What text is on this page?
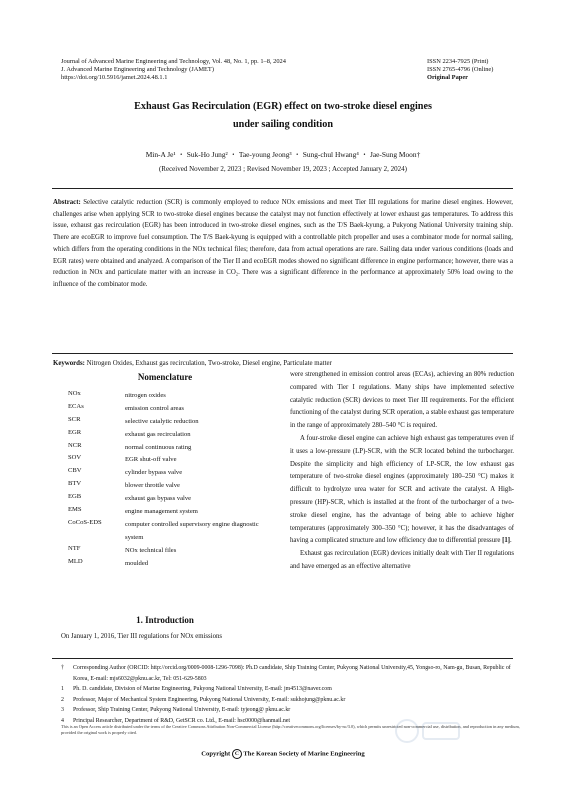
Journal of Advanced Marine Engineering and Technology, Vol. 48, No. 1, pp. 1–8, 2024
J. Advanced Marine Engineering and Technology (JAMET)
https://doi.org/10.5916/jamet.2024.48.1.1
ISSN 2234-7925 (Print)
ISSN 2765-4796 (Online)
Original Paper
Exhaust Gas Recirculation (EGR) effect on two-stroke diesel engines
under sailing condition
Min-A Je¹ ・ Suk-Ho Jung² ・ Tae-young Jeong³ ・ Sung-chul Hwang⁴ ・ Jae-Sung Moon†
(Received November 2, 2023 ; Revised November 19, 2023 ; Accepted January 2, 2024)
Abstract: Selective catalytic reduction (SCR) is commonly employed to reduce NOx emissions and meet Tier III regulations for marine diesel engines. However, challenges arise when applying SCR to two-stroke diesel engines because the catalyst may not function effectively at lower exhaust gas temperatures. To address this issue, exhaust gas recirculation (EGR) has been introduced in two-stroke diesel engines, such as the T/S Baek-kyung, a Pukyong National University training ship. There are ecoEGR to improve fuel consumption. The T/S Baek-kyung is equipped with a controllable pitch propeller and uses a combinator mode for normal sailing, which differs from the operating conditions in the NOx technical files; therefore, data from actual operations are rare. Sailing data under various conditions (loads and EGR rates) were obtained and analyzed. A comparison of the Tier II and ecoEGR modes showed no significant difference in engine performance; however, there was a reduction in NOx and particulate matter with an increase in CO₂. There was a significant difference in the performance at approximately 50% load owing to the influence of the combinator mode.
Keywords: Nitrogen Oxides, Exhaust gas recirculation, Two-stroke, Diesel engine, Particulate matter
Nomenclature
NOx	nitrogen oxides
ECAs	emission control areas
SCR	selective catalytic reduction
EGR	exhaust gas recirculation
NCR	normal continuous rating
SOV	EGR shut-off valve
CBV	cylinder bypass valve
BTV	blower throttle valve
EGB	exhaust gas bypass valve
EMS	engine management system
CoCoS-EDS	computer controlled supervisory engine diagnostic system
NTF	NOx technical files
MLD	moulded
1. Introduction
On January 1, 2016, Tier III regulations for NOx emissions

were strengthened in emission control areas (ECAs), achieving an 80% reduction compared with Tier I regulations. Many ships have implemented selective catalytic reduction (SCR) devices to meet Tier III requirements. For the efficient functioning of the catalyst during SCR operation, a stable exhaust gas temperature in the range of approximately 280–540 °C is required.

A four-stroke diesel engine can achieve high exhaust gas temperatures even if it uses a low-pressure (LP)-SCR, with the SCR located behind the turbocharger. Despite the simplicity and high efficiency of LP-SCR, the low exhaust gas temperature of two-stroke diesel engines (approximately 180–250 °C) makes it difficult to hydrolyze urea water for SCR and activate the catalyst. A High-pressure (HP)-SCR, which is installed at the front of the turbocharger of a two-stroke diesel engine, has the advantage of being able to achieve higher temperatures (approximately 300–350 °C); however, it has the disadvantages of having a complicated structure and low efficiency due to differential pressure [1].

Exhaust gas recirculation (EGR) devices initially dealt with Tier II regulations and have emerged as an effective alternative

†	Corresponding Author (ORCID: http://orcid.org/0009-0008-1296-7098): Ph.D candidate, Ship Training Center, Pukyong National University,45, Yongso-ro, Nam-gu, Busan, Republic of Korea, E-mail: mjs6032@pknu.ac.kr, Tel: 051-629-5803
1	Ph. D. candidate, Division of Marine Engineering, Pukyong National University, E-mail: jm4513@naver.com
2	Professor, Major of Mechanical System Engineering, Pukyong National University, E-mail: sukhojung@pknu.ac.kr
3	Professor, Ship Training Center, Pukyong National University, E-mail: tyjeong@ pknu.ac.kr
4	Principal Researcher, Department of R&D, GetSCR co. Ltd., E-mail: hsc0000@hanmail.net
This is an Open Access article distributed under the terms of the Creative Commons Attribution Non-Commercial License (http://creativecommons.org/licenses/by-nc/3.0), which permits unrestricted non-commercial use, distribution, and reproduction in any medium, provided the original work is properly cited.
Copyright C The Korean Society of Marine Engineering
